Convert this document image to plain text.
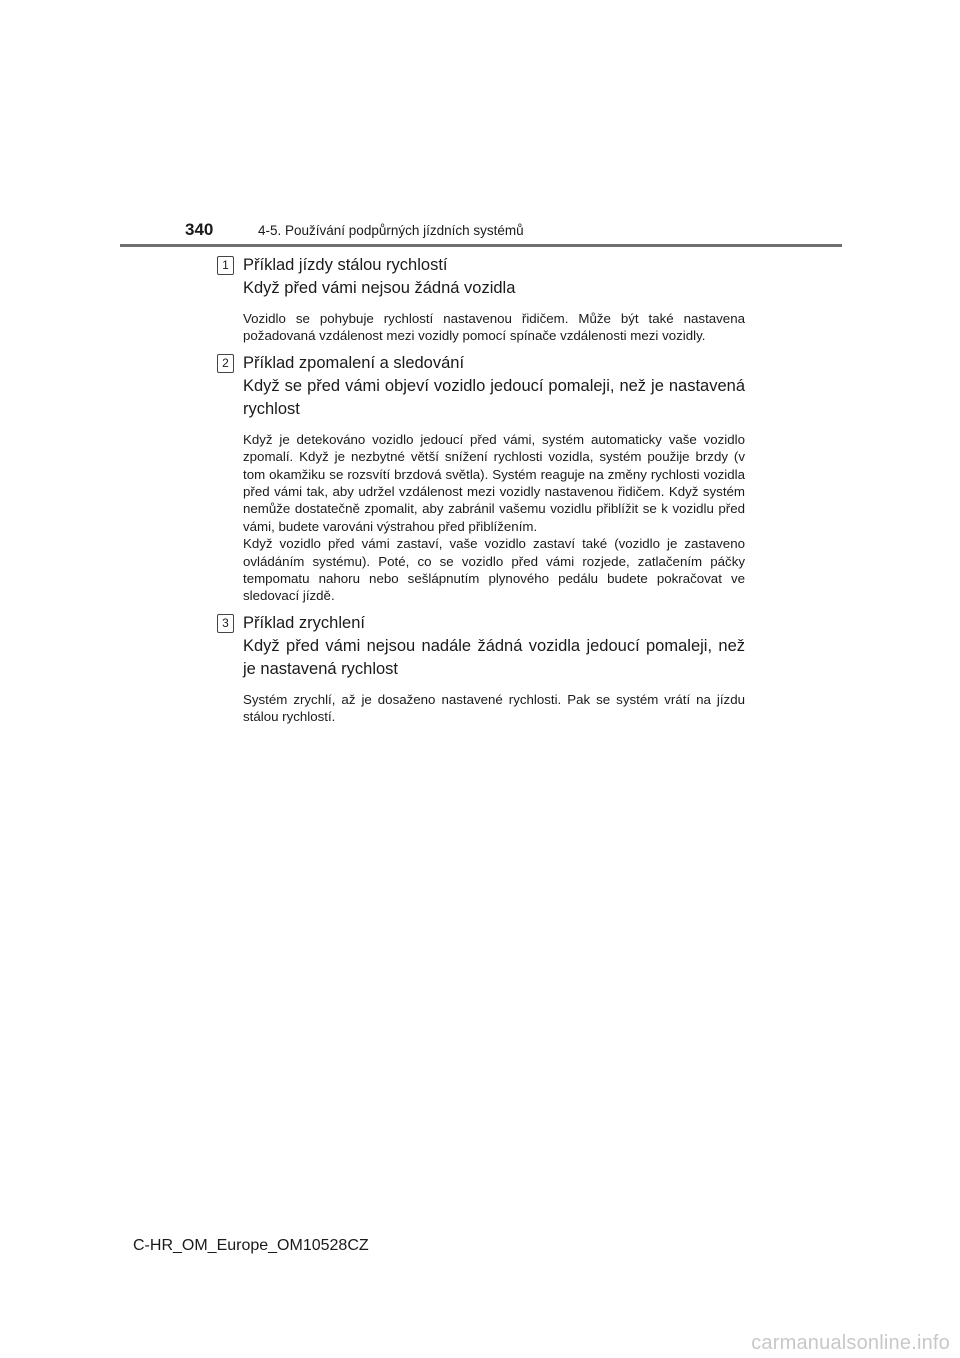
340	4-5. Používání podpůrných jízdních systémů
1 Příklad jízdy stálou rychlostí

Když před vámi nejsou žádná vozidla

Vozidlo se pohybuje rychlostí nastavenou řidičem. Může být také nastavena požadovaná vzdálenost mezi vozidly pomocí spínače vzdálenosti mezi vozidly.

2 Příklad zpomalení a sledování

Když se před vámi objeví vozidlo jedoucí pomaleji, než je nastavená rychlost

Když je detekováno vozidlo jedoucí před vámi, systém automaticky vaše vozidlo zpomalí. Když je nezbytné větší snížení rychlosti vozidla, systém použije brzdy (v tom okamžiku se rozsvítí brzdová světla). Systém reaguje na změny rychlosti vozidla před vámi tak, aby udržel vzdálenost mezi vozidly nastavenou řidičem. Když systém nemůže dostatečně zpomalit, aby zabránil vašemu vozidlu přiblížit se k vozidlu před vámi, budete varováni výstrahou před přiblížením.

Když vozidlo před vámi zastaví, vaše vozidlo zastaví také (vozidlo je zastaveno ovládáním systému). Poté, co se vozidlo před vámi rozjede, zatlačením páčky tempomatu nahoru nebo sešlápnutím plynového pedálu budete pokračovat ve sledovací jízdě.

3 Příklad zrychlení

Když před vámi nejsou nadále žádná vozidla jedoucí pomaleji, než je nastavená rychlost

Systém zrychlí, až je dosaženo nastavené rychlosti. Pak se systém vrátí na jízdu stálou rychlostí.

C-HR_OM_Europe_OM10528CZ
carmanualsonline.info
